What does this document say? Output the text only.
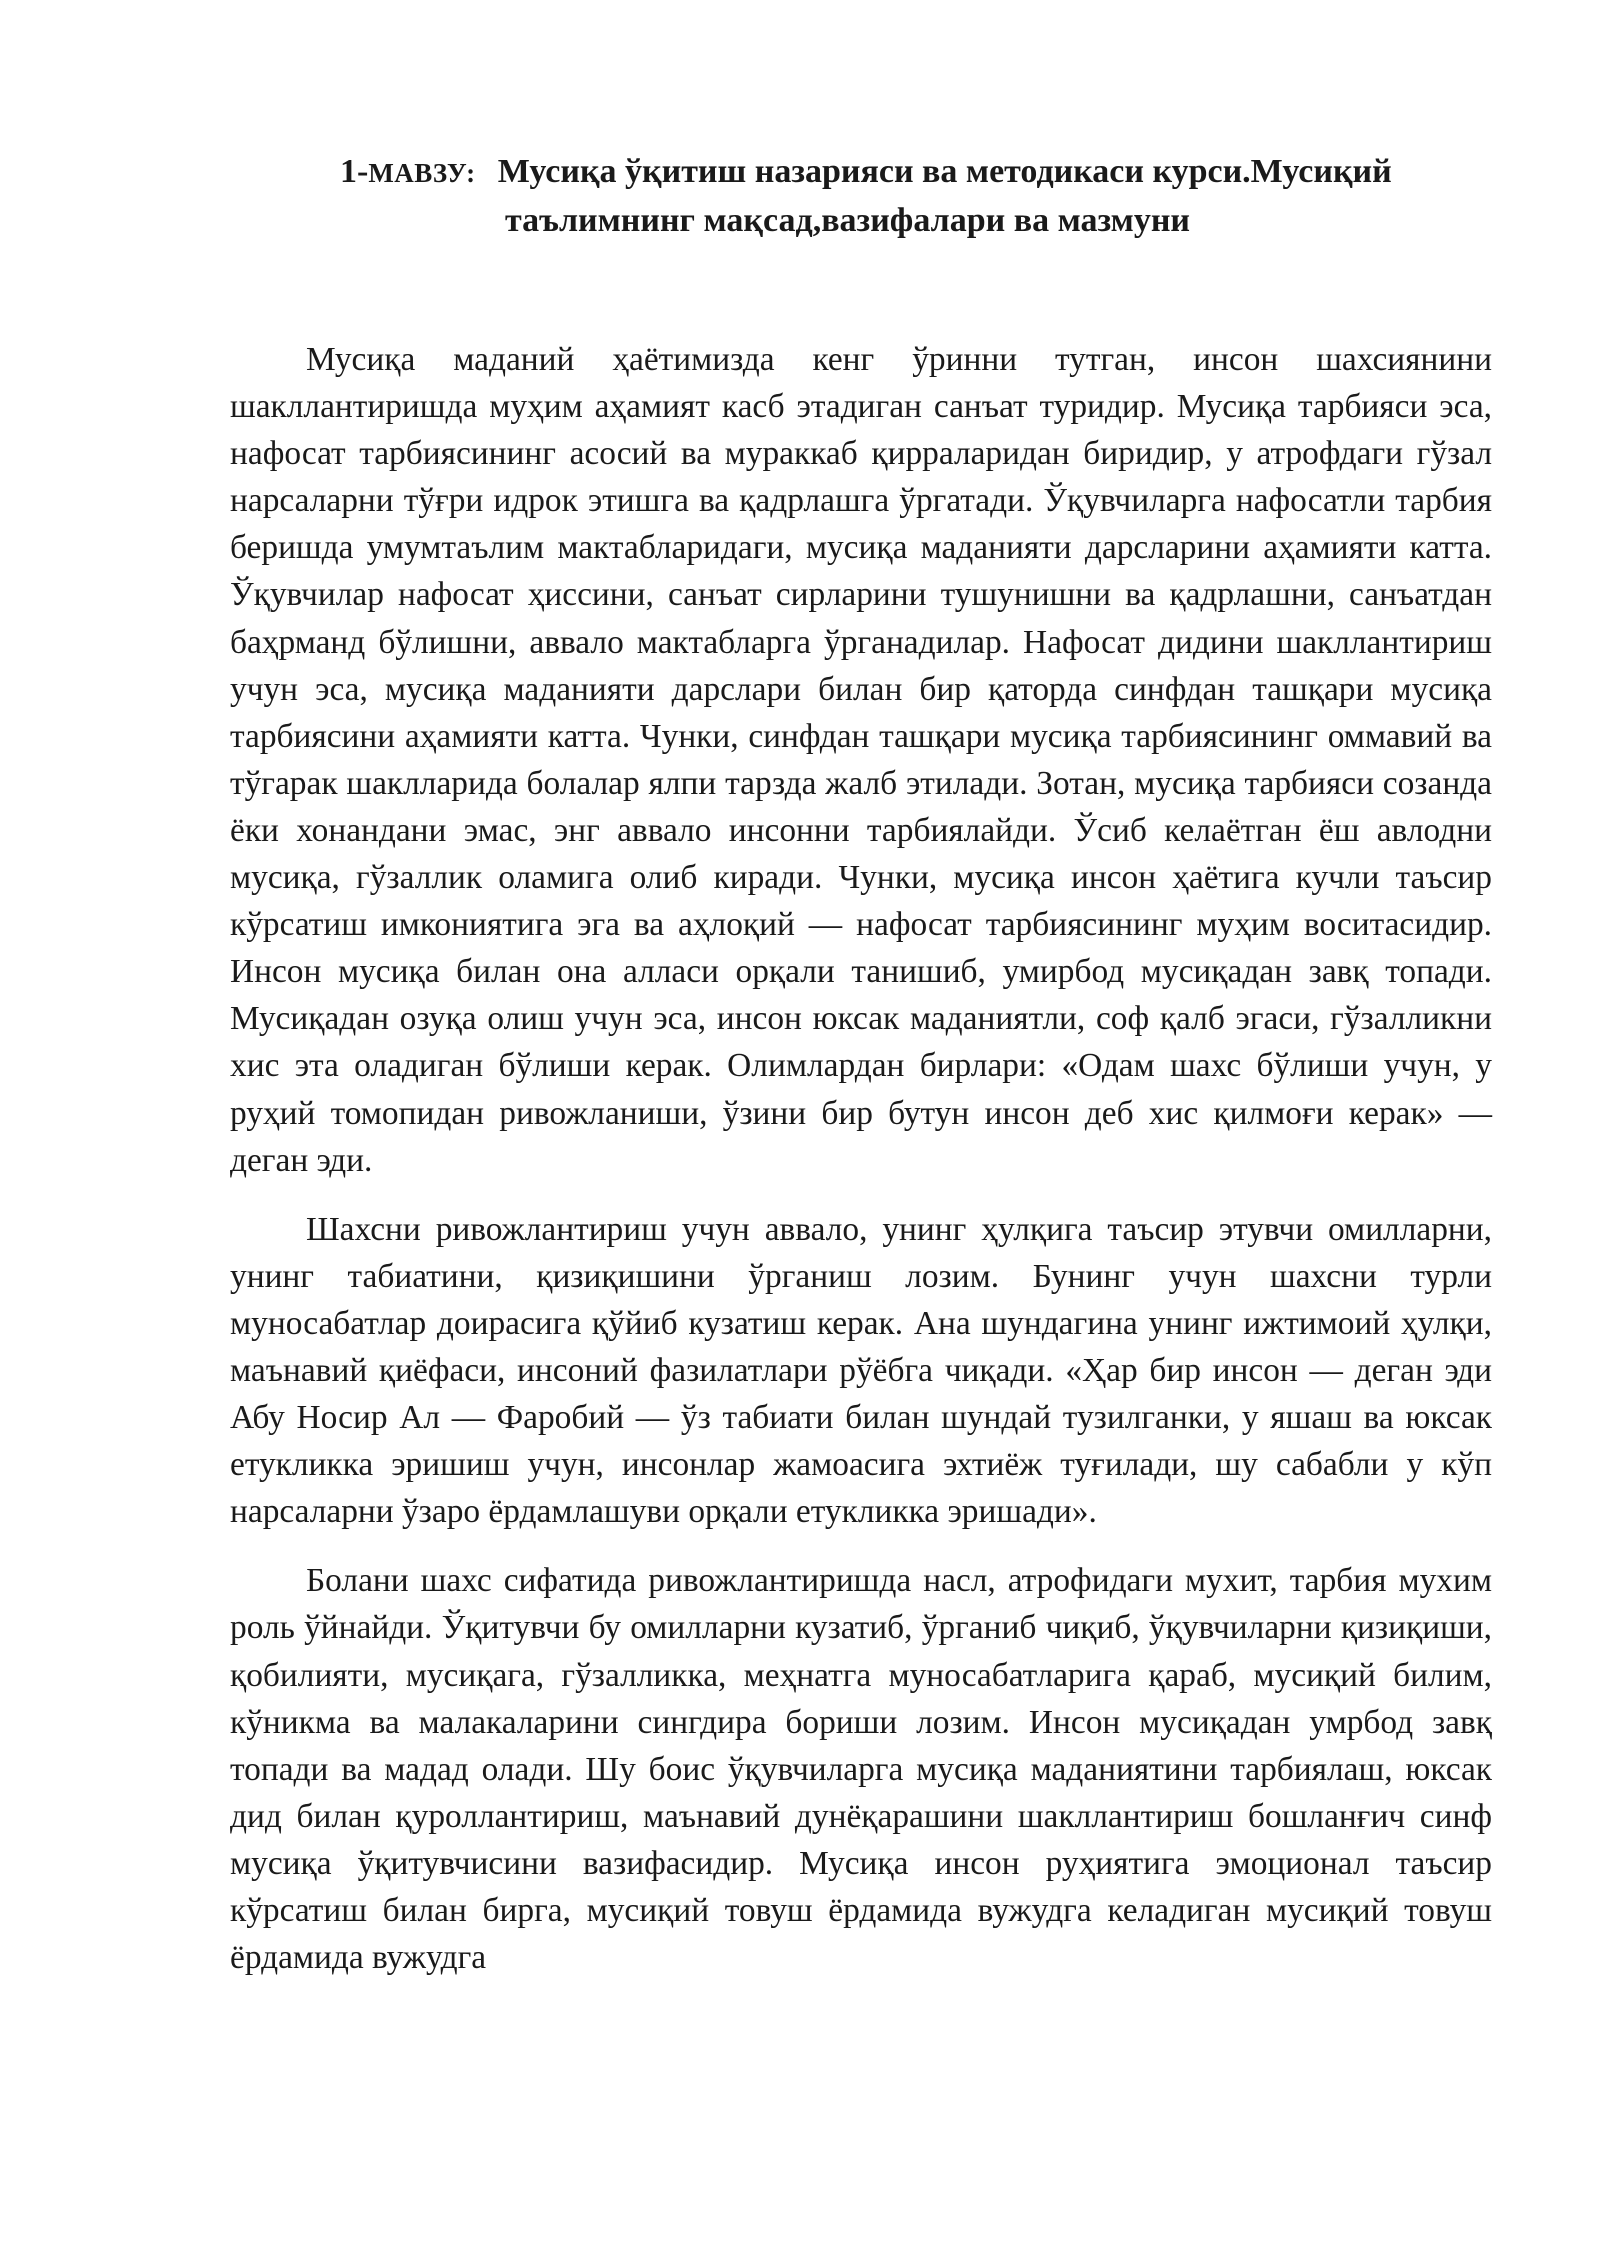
1-МАВЗУ: Мусиқа ўқитиш назарияси ва методикаси курси.Мусиқий
таълимнинг мақсад,вазифалари ва мазмуни

Мусиқа маданий ҳаётимизда кенг ўринни тутган, инсон шахсиянини шакллантиришда муҳим аҳамият касб этадиган санъат туридир. Мусиқа тарбияси эса, нафосат тарбиясининг асосий ва мураккаб қирраларидан биридир, у атрофдаги гўзал нарсаларни тўғри идрок этишга ва қадрлашга ўргатади. Ўқувчиларга нафосатли тарбия беришда умумтаълим мактабларидаги, мусиқа маданияти дарсларини аҳамияти катта. Ўқувчилар нафосат ҳиссини, санъат сирларини тушунишни ва қадрлашни, санъатдан баҳрманд бўлишни, аввало мактабларга ўрганадилар. Нафосат дидини шакллантириш учун эса, мусиқа маданияти дарслари билан бир қаторда синфдан ташқари мусиқа тарбиясини аҳамияти катта. Чунки, синфдан ташқари мусиқа тарбиясининг оммавий ва тўгарак шаклларида болалар ялпи тарзда жалб этилади. Зотан, мусиқа тарбияси созанда ёки хонандани эмас, энг аввало инсонни тарбиялайди. Ўсиб келаётган ёш авлодни мусиқа, гўзаллик оламига олиб киради. Чунки, мусиқа инсон ҳаётига кучли таъсир кўрсатиш имкониятига эга ва аҳлоқий — нафосат тарбиясининг муҳим воситасидир. Инсон мусиқа билан она алласи орқали танишиб, умирбод мусиқадан завқ топади. Мусиқадан озуқа олиш учун эса, инсон юксак маданиятли, соф қалб эгаси, гўзалликни хис эта оладиган бўлиши керак. Олимлардан бирлари: «Одам шахс бўлиши учун, у руҳий томопидан ривожланиши, ўзини бир бутун инсон деб хис қилмоғи керак» — деган эди.

Шахсни ривожлантириш учун аввало, унинг ҳулқига таъсир этувчи омилларни, унинг табиатини, қизиқишини ўрганиш лозим. Бунинг учун шахсни турли муносабатлар доирасига қўйиб кузатиш керак. Ана шундагина унинг ижтимоий ҳулқи, маънавий қиёфаси, инсоний фазилатлари рўёбга чиқади. «Ҳар бир инсон — деган эди Абу Носир Ал — Фаробий — ўз табиати билан шундай тузилганки, у яшаш ва юксак етукликка эришиш учун, инсонлар жамоасига эхтиёж туғилади, шу сабабли у кўп нарсаларни ўзаро ёрдамлашуви орқали етукликка эришади».

Болани шахс сифатида ривожлантиришда насл, атрофидаги мухит, тарбия мухим роль ўйнайди. Ўқитувчи бу омилларни кузатиб, ўрганиб чиқиб, ўқувчиларни қизиқиши, қобилияти, мусиқага, гўзалликка, меҳнатга муносабатларига қараб, мусиқий билим, кўникма ва малакаларини сингдира бориши лозим. Инсон мусиқадан умрбод завқ топади ва мадад олади. Шу боис ўқувчиларга мусиқа маданиятини тарбиялаш, юксак дид билан қуроллантириш, маънавий дунёқарашини шакллантириш бошланғич синф мусиқа ўқитувчисини вазифасидир. Мусиқа инсон руҳиятига эмоционал таъсир кўрсатиш билан бирга, мусиқий товуш ёрдамида вужудга келадиган мусиқий товуш ёрдамида вужудга
